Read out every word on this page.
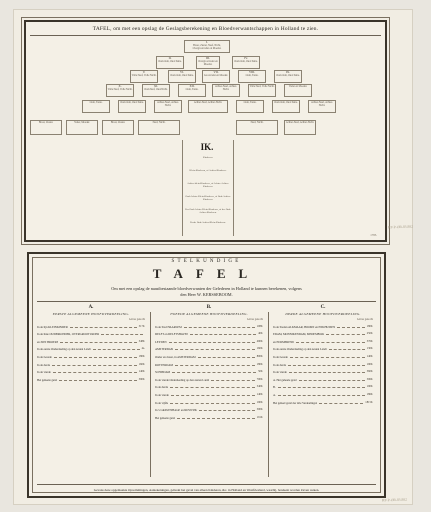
TAFEL, om met een opslag de Geslagsberekening en Bloedverwantschappen in Holland te zien.
I.
Broer, Zuster, Neef, Nicht, Overgrootvader en Moeder.
II.
Oud-Oom, Oud-Tante.
III.
Overgrootvader en Moeder.
IV.
Oud-Oom, Oud-Tante.
V.
Volle Neef, Volle Nicht.
VI.
Oud-Oom, Oud-Tante.
VII.
Grootvader en Moeder.
VIII.
Oom, Tante.
IX.
Oud-Oom, Oud-Tante.
X.
Volle Neef, Volle Nicht.
XI.
Oud-Neef, Oud-Nicht.
XII.
Oom, Tante.
Achter-Neef, Achter-Nicht.
Volle Neef, Volle Nicht.	Vader en Moeder.
Oom, Tante.	Oud-Oom, Oud-Tante.	Achter-Neef, Achter-Nicht.
Achter-Neef, Achter-Nicht.	Oom, Tante.	Oud-Oom, Oud-Tante.	Achter-Neef, Achter-Nicht.
Broer, Zuster.	Vader, Moeder.	Broer, Zuster.	Neef, Nicht.	Neef, Nicht.	Achter-Neef, Achter-Nicht.
Kinderen.
Klein-Kinderen, of Achter-Kinderen.
Achter-klein-Kinderen, of Achter-Achter-Kinderen.
Oud-Achter-Klein-Kinderen, of Oud-Achter-Kinderen.
Der Oud-Achter-Klein-Kinderen, of der Oud-Achter-Kinderen.
Derde Oud-Achter-Klein-Kinderen.
IK.
1783.
RP-P-OB-83.882
RP-P-OB-83.882
STELKUNDIGE
TAFEL
Om met een opslag de naastbestaande bloedverwanten der Gelederen in Holland te kunnen berekenen, volgens
den Heer W. KERSSEBOOM.
A.
EERSTE ALGEMEENE HOOFDVERDEELING.
Lettres gekocht
In de lijn KLEINKINDER	3170.
In de linie OUDERKINDER, OVERGROOTVADER
en ZIJN BROERS	3480.
In de eerste Onderdeeling op den zesten Landt	4a.
In de tweede	1800.
In de derde	1600.
In de vierde	1400.
Het geheele getal	3900.
B.
TWEEDE ALGEMEENE HOOFDVERDEELING.
Lettres gekocht
In de Stad HAARLEM	1080.
DELFT en DELFTSHAVEN	400.
LEYDEN	4900.
AMSTERDAM	1600.
Onder en doner, in AMSTERDAM	8000.
ROTTERDAM	1800.
SCHIEDAM	500.
In de vierde Onderdeeling op den zesten Landt	7000.
In de derde	5400.
In de vierde	1400.
In de vijfde	1900.
In 's GRAVENHAGE en RIJSWIJK	5000.
Het geheele getal	1910.
C.
DERDE ALGEMEENE HOOFDVERDEELING.
Lettres gekocht
In de Steden ALKMAAR, HOORN en ENKHUIZEN	1800.
EDAM, MONNIKENDAM, MEDEMBLIK	2500.
en PURMEREND	3760.
In de eerste Onderdeeling op den zesten Landt	1300.
In de tweede	1400.
In de derde	1900.
In de vierde	5600.
A. Het geheele getal	5060.
B.	1900.
A.	1860.
Het geheel getal der drie Verdeelingen	18150.
Gevans deze opgemaakte Opsommingen, Aantekeningen, gebrekt het geval van alleen Kinderen, &c. in Holland en Westfriesland, waarbij, berekent worden Zeven weken.
